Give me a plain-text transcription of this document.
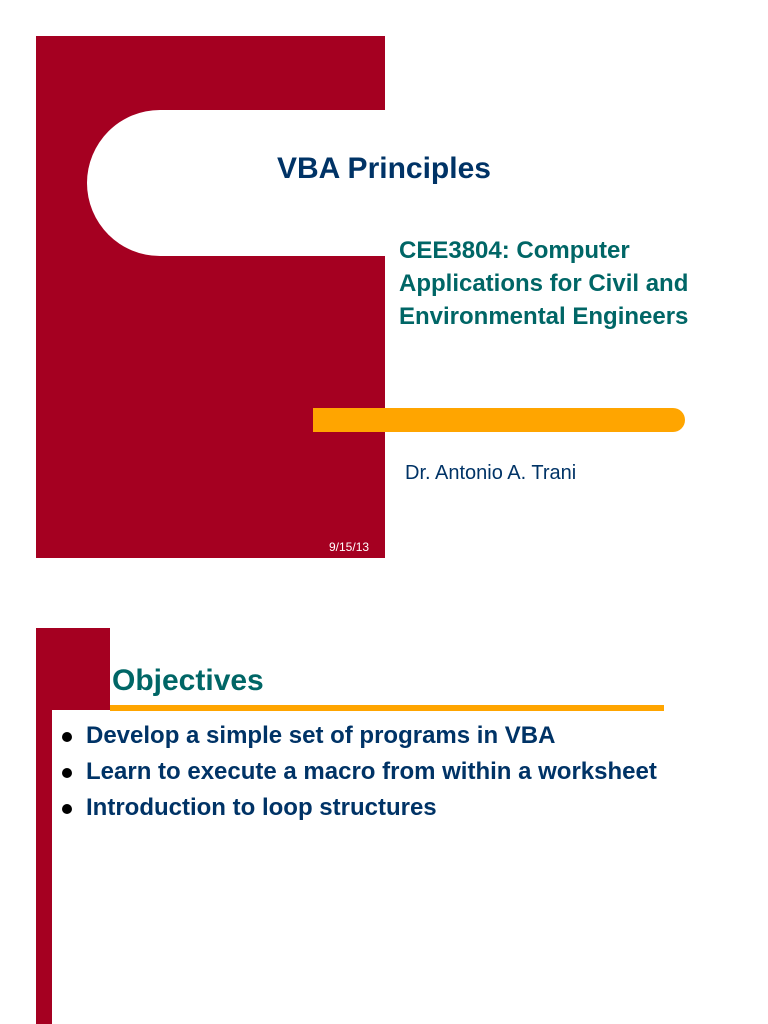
VBA Principles

CEE3804: Computer Applications for Civil and Environmental Engineers

Dr. Antonio A. Trani

9/15/13

Objectives
Develop a simple set of programs in VBA
Learn to execute a macro from within a worksheet
Introduction to loop structures
